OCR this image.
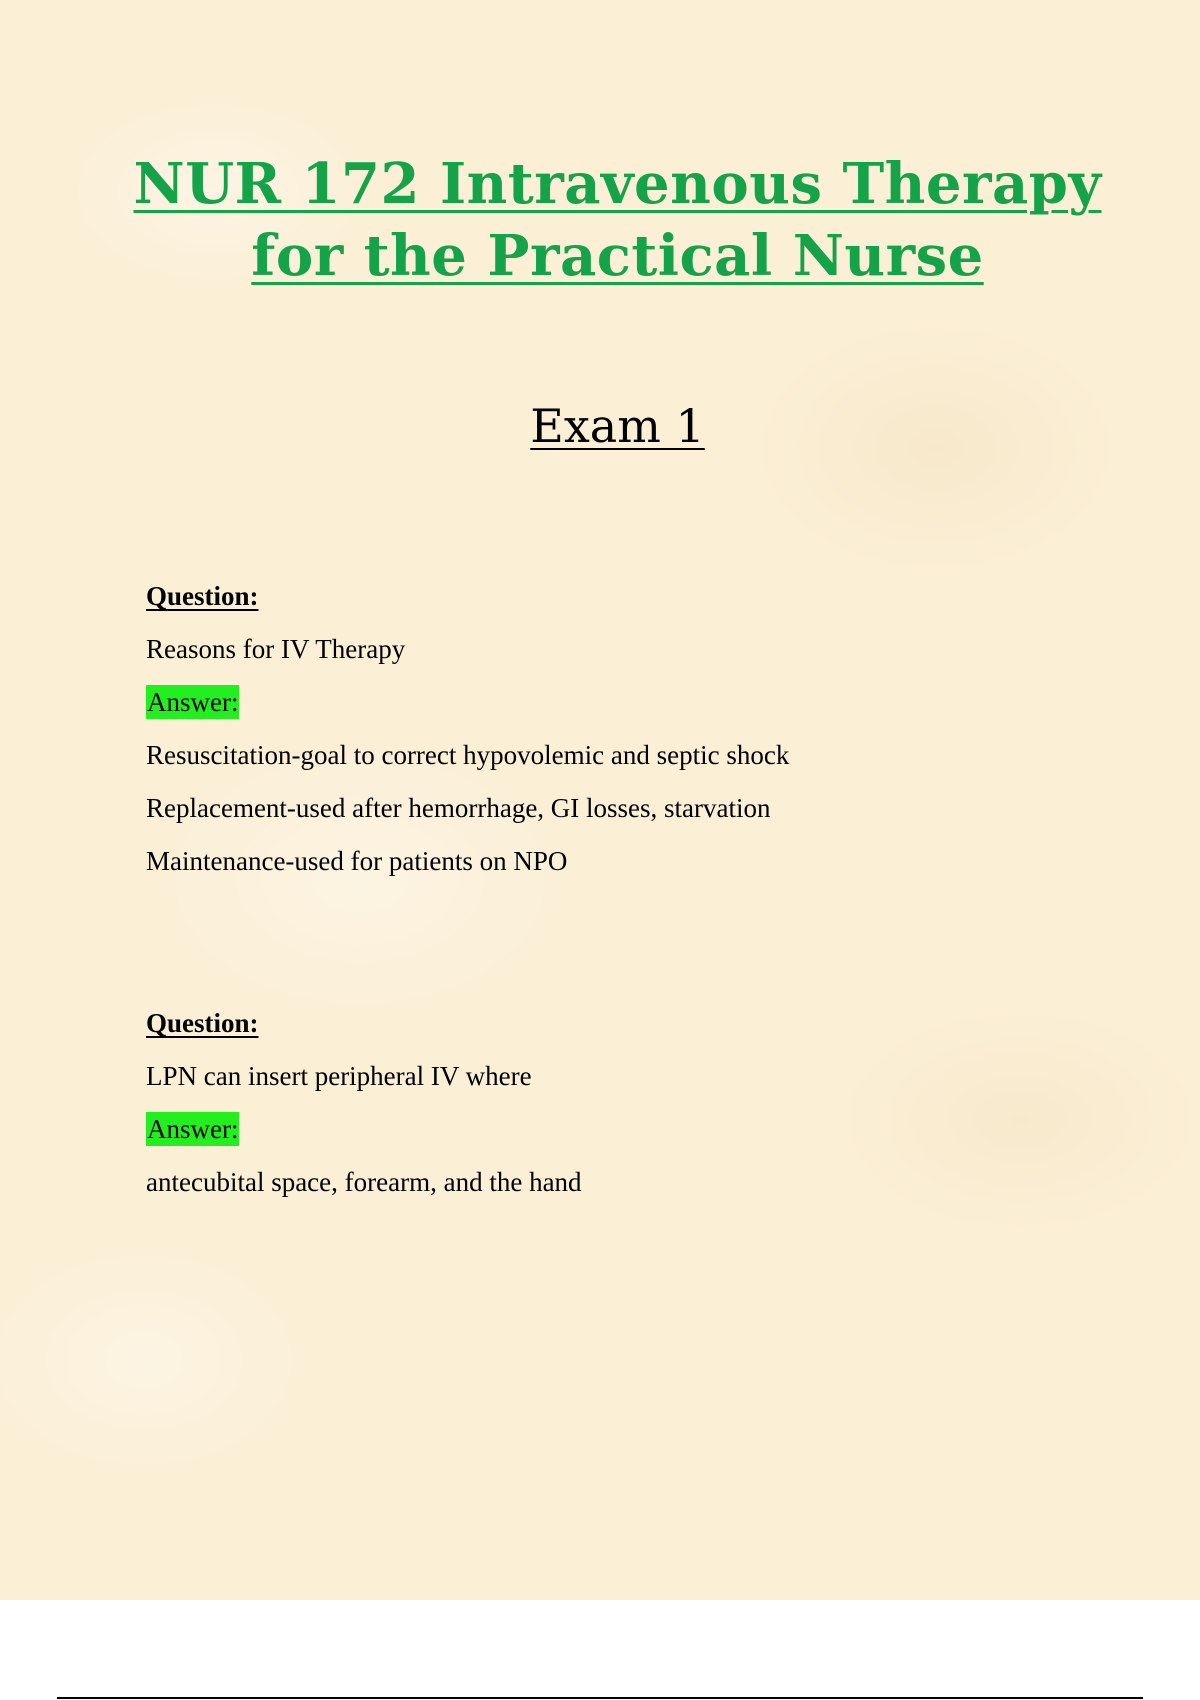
NUR 172 Intravenous Therapy
for the Practical Nurse
Exam 1
Question:
Reasons for IV Therapy
Answer:
Resuscitation-goal to correct hypovolemic and septic shock
Replacement-used after hemorrhage, GI losses, starvation
Maintenance-used for patients on NPO
Question:
LPN can insert peripheral IV where
Answer:
antecubital space, forearm, and the hand
